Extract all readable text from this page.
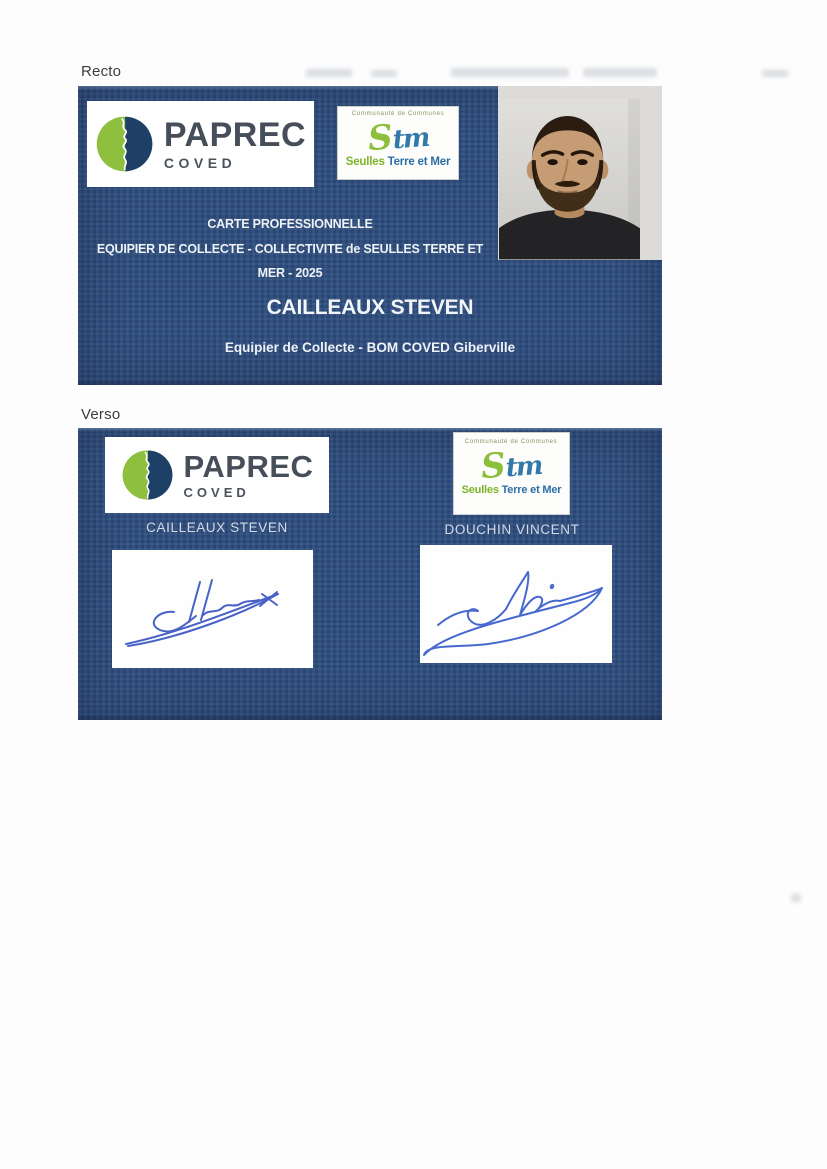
Recto
PAPREC
COVED
Communauté de Communes
Stm
Seulles Terre et Mer
CARTE PROFESSIONNELLE
EQUIPIER DE COLLECTE - COLLECTIVITE de SEULLES TERRE ET
MER - 2025
CAILLEAUX STEVEN
Equipier de Collecte - BOM COVED Giberville
Verso
PAPREC
COVED
CAILLEAUX STEVEN
Communauté de Communes
Stm
Seulles Terre et Mer
DOUCHIN VINCENT
